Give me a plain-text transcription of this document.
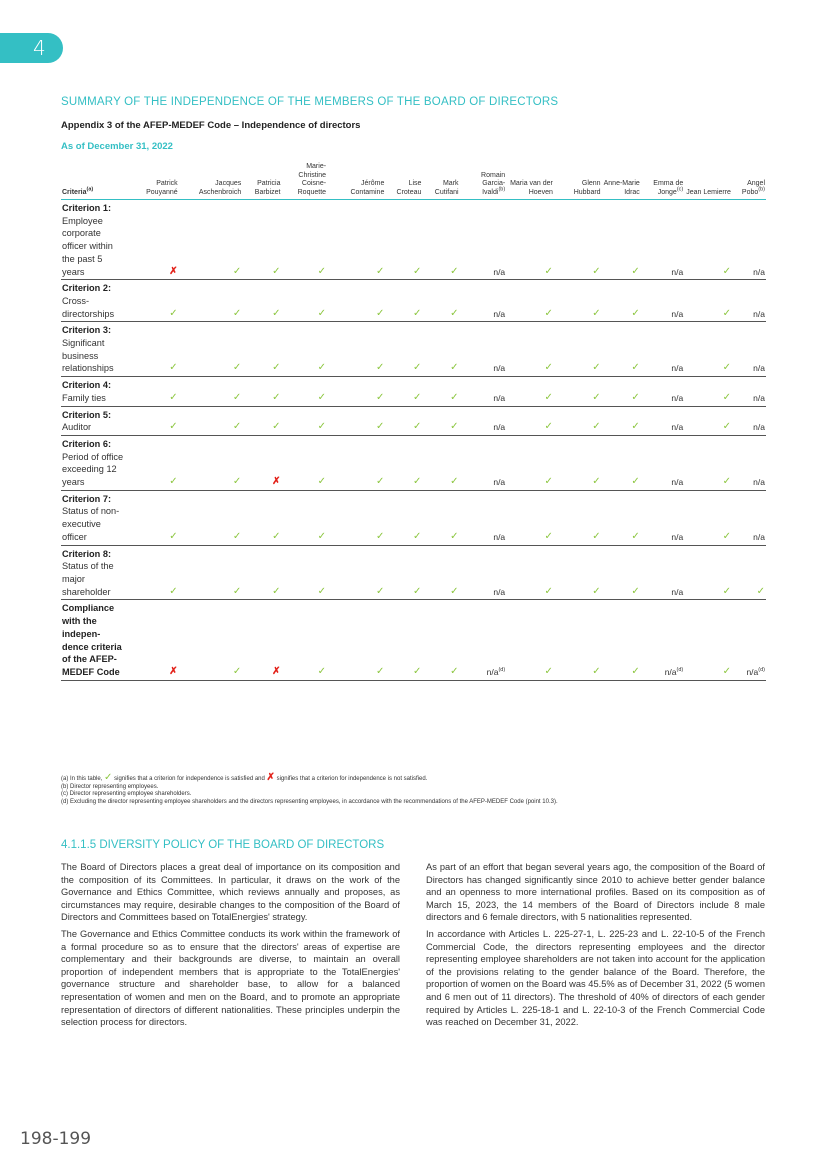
4
SUMMARY OF THE INDEPENDENCE OF THE MEMBERS OF THE BOARD OF DIRECTORS
Appendix 3 of the AFEP-MEDEF Code – Independence of directors
As of December 31, 2022
Criteria$^{(a)}$	Patrick Pouyanné	Jacques Aschenbroich	Patricia Barbizet	Marie-Christine Coisne-Roquette	Jérôme Contamine	Lise Croteau	Mark Cutifani	Romain Garcia-Ivaldi$^{(b)}$	Maria van der Hoeven	Glenn Hubbard	Anne-Marie Idrac	Emma de Jonge$^{(c)}$	Jean Lemierre	Angel Pobo$^{(b)}$
Criterion 1:
Employee corporate officer within the past 5 years	✗	✓	✓	✓	✓	✓	✓	n/a	✓	✓	✓	n/a	✓	n/a
Criterion 2:
Cross-directorships	✓	✓	✓	✓	✓	✓	✓	n/a	✓	✓	✓	n/a	✓	n/a
Criterion 3:
Significant business relationships	✓	✓	✓	✓	✓	✓	✓	n/a	✓	✓	✓	n/a	✓	n/a
Criterion 4:
Family ties	✓	✓	✓	✓	✓	✓	✓	n/a	✓	✓	✓	n/a	✓	n/a
Criterion 5:
Auditor	✓	✓	✓	✓	✓	✓	✓	n/a	✓	✓	✓	n/a	✓	n/a
Criterion 6:
Period of office exceeding 12 years	✓	✓	✗	✓	✓	✓	✓	n/a	✓	✓	✓	n/a	✓	n/a
Criterion 7:
Status of non-executive officer	✓	✓	✓	✓	✓	✓	✓	n/a	✓	✓	✓	n/a	✓	n/a
Criterion 8:
Status of the major shareholder	✓	✓	✓	✓	✓	✓	✓	n/a	✓	✓	✓	n/a	✓	✓
Compliance with the indepen-dence criteria of the AFEP-MEDEF Code	✗	✓	✗	✓	✓	✓	✓	$n/a^{(d)}$	✓	✓	✓	$n/a^{(d)}$	✓	$n/a^{(d)}$
(a) In this table, ✓ signifies that a criterion for independence is satisfied and ✗ signifies that a criterion for independence is not satisfied.
(b) Director representing employees.
(c) Director representing employee shareholders.
(d) Excluding the director representing employee shareholders and the directors representing employees, in accordance with the recommendations of the AFEP-MEDEF Code (point 10.3).
4.1.1.5 DIVERSITY POLICY OF THE BOARD OF DIRECTORS

The Board of Directors places a great deal of importance on its composition and the composition of its Committees. In particular, it draws on the work of the Governance and Ethics Committee, which reviews annually and proposes, as circumstances may require, desirable changes to the composition of the Board of Directors and Committees based on TotalEnergies' strategy.

The Governance and Ethics Committee conducts its work within the framework of a formal procedure so as to ensure that the directors' areas of expertise are complementary and their backgrounds are diverse, to maintain an overall proportion of independent members that is appropriate to the TotalEnergies' governance structure and shareholder base, to allow for a balanced representation of women and men on the Board, and to promote an appropriate representation of directors of different nationalities. These principles underpin the selection process for directors.

As part of an effort that began several years ago, the composition of the Board of Directors has changed significantly since 2010 to achieve better gender balance and an openness to more international profiles. Based on its composition as of March 15, 2023, the 14 members of the Board of Directors include 8 male directors and 6 female directors, with 5 nationalities represented.

In accordance with Articles L. 225-27-1, L. 225-23 and L. 22-10-5 of the French Commercial Code, the directors representing employees and the director representing employee shareholders are not taken into account for the application of the provisions relating to the gender balance of the Board. Therefore, the proportion of women on the Board was 45.5% as of December 31, 2022 (5 women and 6 men out of 11 directors). The threshold of 40% of directors of each gender required by Articles L. 225-18-1 and L. 22-10-3 of the French Commercial Code was reached on December 31, 2022.

198-199
